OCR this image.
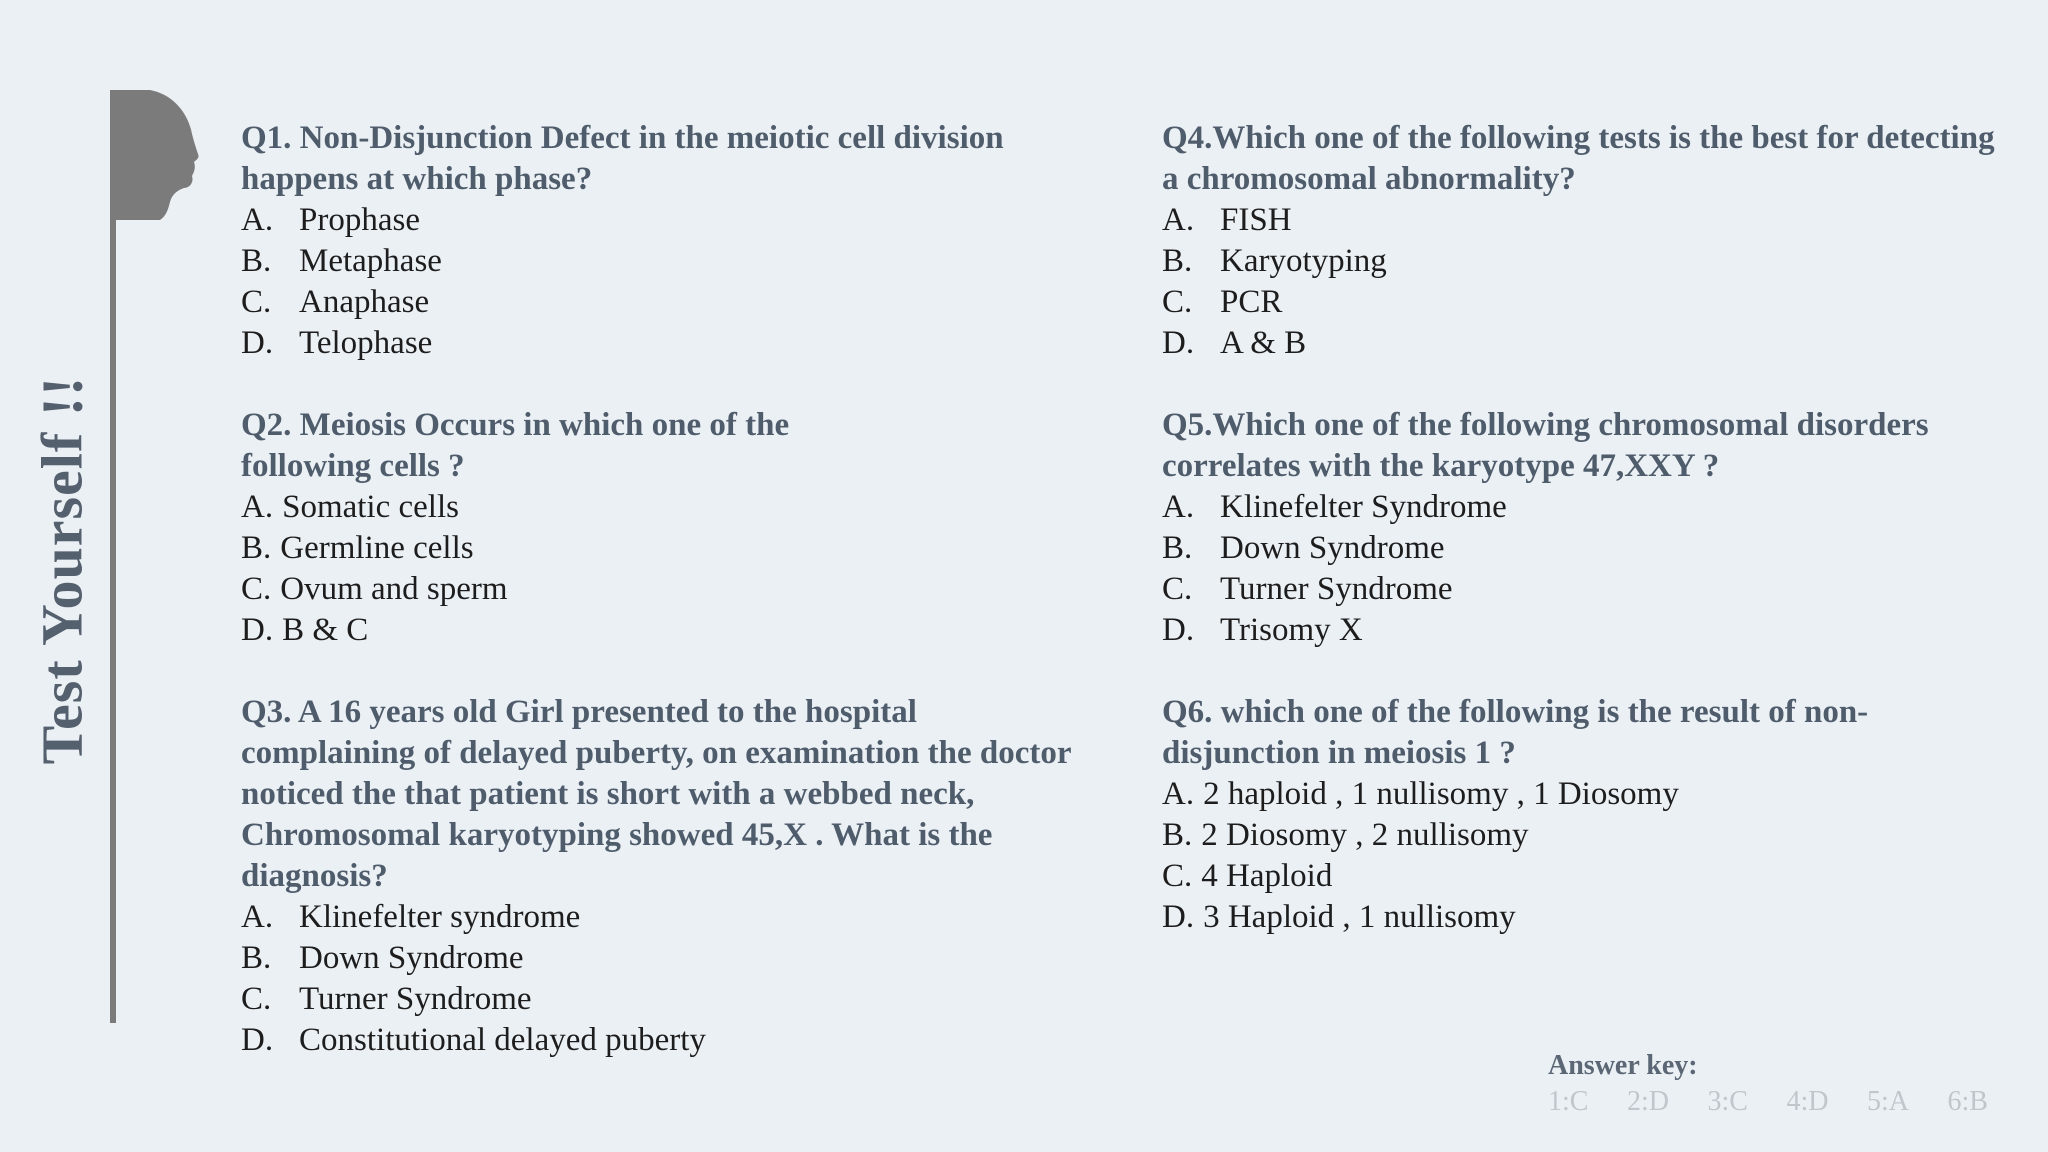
Test Yourself !!
Q1. Non-Disjunction Defect in the meiotic cell division happens at which phase?
A. Prophase
B. Metaphase
C. Anaphase
D. Telophase
Q2. Meiosis Occurs in which one of the following cells ?
A. Somatic cells
B. Germline cells
C. Ovum and sperm
D. B & C
Q3. A 16 years old Girl presented to the hospital complaining of delayed puberty, on examination the doctor noticed the that patient is short with a webbed neck, Chromosomal karyotyping showed 45,X . What is the diagnosis?
A. Klinefelter syndrome
B. Down Syndrome
C. Turner Syndrome
D. Constitutional delayed puberty
Q4.Which one of the following tests is the best for detecting a chromosomal abnormality?
A. FISH
B. Karyotyping
C. PCR
D. A & B
Q5.Which one of the following chromosomal disorders correlates with the karyotype 47,XXY ?
A. Klinefelter Syndrome
B. Down Syndrome
C. Turner Syndrome
D. Trisomy X
Q6. which one of the following is the result of non-disjunction in meiosis 1 ?
A. 2 haploid , 1 nullisomy , 1 Diosomy
B. 2 Diosomy , 2 nullisomy
C. 4 Haploid
D. 3 Haploid , 1 nullisomy
Answer key:
1:C 2:D 3:C 4:D 5:A 6:B
